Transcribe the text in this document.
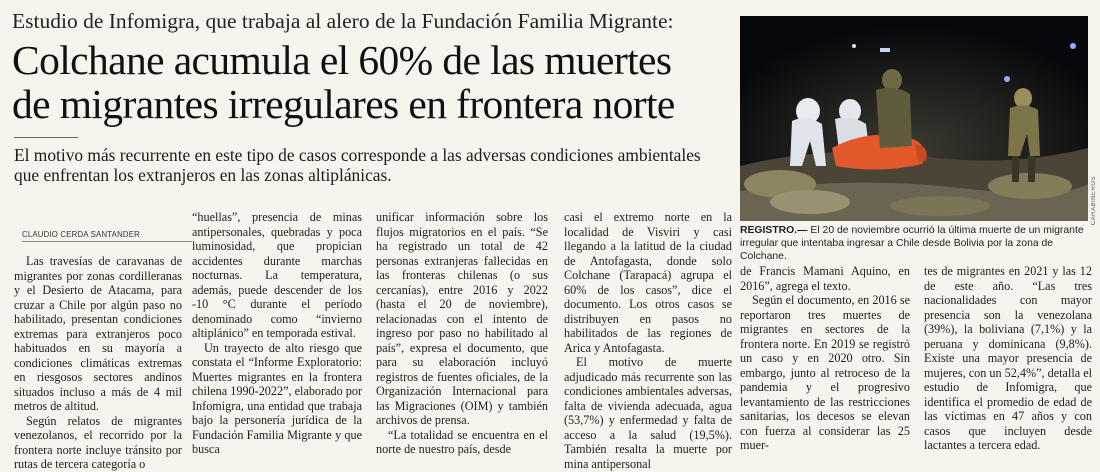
Estudio de Infomigra, que trabaja al alero de la Fundación Familia Migrante:
Colchane acumula el 60% de las muertes
de migrantes irregulares en frontera norte
El motivo más recurrente en este tipo de casos corresponde a las adversas condiciones ambientales que enfrentan los extranjeros en las zonas altiplánicas.
CARABINEROS
REGISTRO.— El 20 de noviembre ocurrió la última muerte de un migrante irregular que intentaba ingresar a Chile desde Bolivia por la zona de Colchane.
CLAUDIO CERDA SANTANDER

Las travesías de caravanas de migrantes por zonas cordilleranas y el Desierto de Atacama, para cruzar a Chile por algún paso no habilitado, presentan condiciones extremas para extranjeros poco habituados en su mayoría a condiciones climáticas extremas en riesgosos sectores andinos situados incluso a más de 4 mil metros de altitud.

Según relatos de migrantes venezolanos, el recorrido por la frontera norte incluye tránsito por rutas de tercera categoría o

“huellas”, presencia de minas antipersonales, quebradas y poca luminosidad, que propician accidentes durante marchas nocturnas. La temperatura, además, puede descender de los -10 °C durante el período denominado como “invierno altiplánico” en temporada estival.

Un trayecto de alto riesgo que constata el “Informe Exploratorio: Muertes migrantes en la frontera chilena 1990-2022”, elaborado por Infomigra, una entidad que trabaja bajo la personería jurídica de la Fundación Familia Migrante y que busca

unificar información sobre los flujos migratorios en el país. “Se ha registrado un total de 42 personas extranjeras fallecidas en las fronteras chilenas (o sus cercanías), entre 2016 y 2022 (hasta el 20 de noviembre), relacionadas con el intento de ingreso por paso no habilitado al país”, expresa el documento, que para su elaboración incluyó registros de fuentes oficiales, de la Organización Internacional para las Migraciones (OIM) y también archivos de prensa.

“La totalidad se encuentra en el norte de nuestro país, desde

casi el extremo norte en la localidad de Visviri y casi llegando a la latitud de la ciudad de Antofagasta, donde solo Colchane (Tarapacá) agrupa el 60% de los casos”, dice el documento. Los otros casos se distribuyen en pasos no habilitados de las regiones de Arica y Antofagasta.

El motivo de muerte adjudicado más recurrente son las condiciones ambientales adversas, falta de vivienda adecuada, agua (53,7%) y enfermedad y falta de acceso a la salud (19,5%). También resalta la muerte por mina antipersonal

de Francis Mamani Aquino, en 2016”, agrega el texto.

Según el documento, en 2016 se reportaron tres muertes de migrantes en sectores de la frontera norte. En 2019 se registró un caso y en 2020 otro. Sin embargo, junto al retroceso de la pandemia y el progresivo levantamiento de las restricciones sanitarias, los decesos se elevan con fuerza al considerar las 25 muer-

tes de migrantes en 2021 y las 12 de este año. “Las tres nacionalidades con mayor presencia son la venezolana (39%), la boliviana (7,1%) y la peruana y dominicana (9,8%). Existe una mayor presencia de mujeres, con un 52,4%”, detalla el estudio de Infomigra, que identifica el promedio de edad de las víctimas en 47 años y con casos que incluyen desde lactantes a tercera edad.
